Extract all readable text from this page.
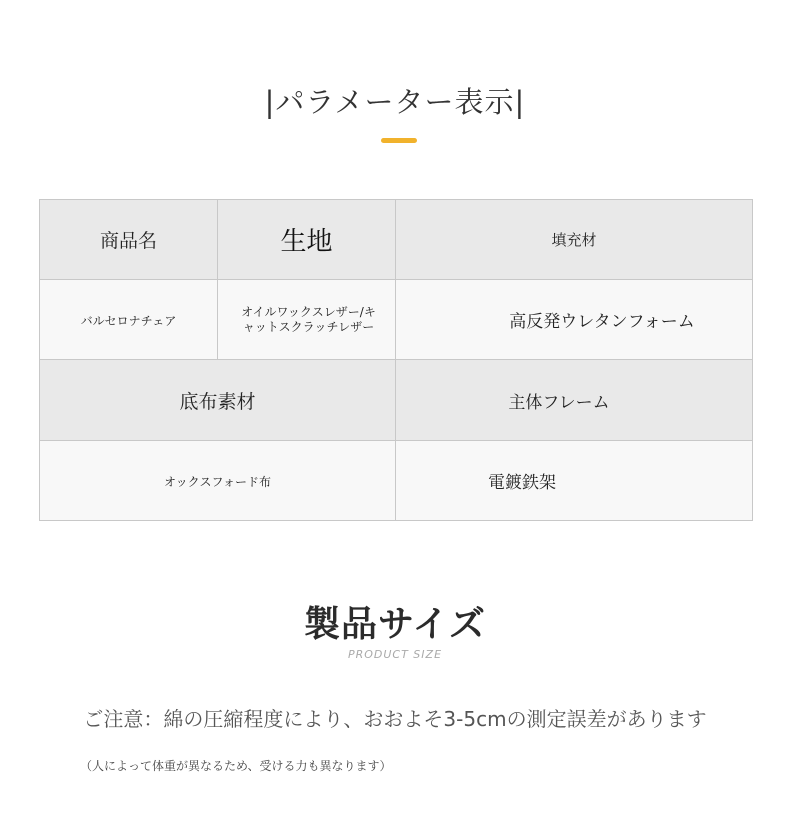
|パラメーター表示|
商品名	生地	填充材
バルセロナチェア	オイルワックスレザー/キャットスクラッチレザー	高反発ウレタンフォーム
底布素材		主体フレーム
オックスフォード布		電鍍鉄架
製品サイズ
PRODUCT SIZE
ご注意：綿の圧縮程度により、おおよそ3-5cmの測定誤差があります
（人によって体重が異なるため、受ける力も異なります）
